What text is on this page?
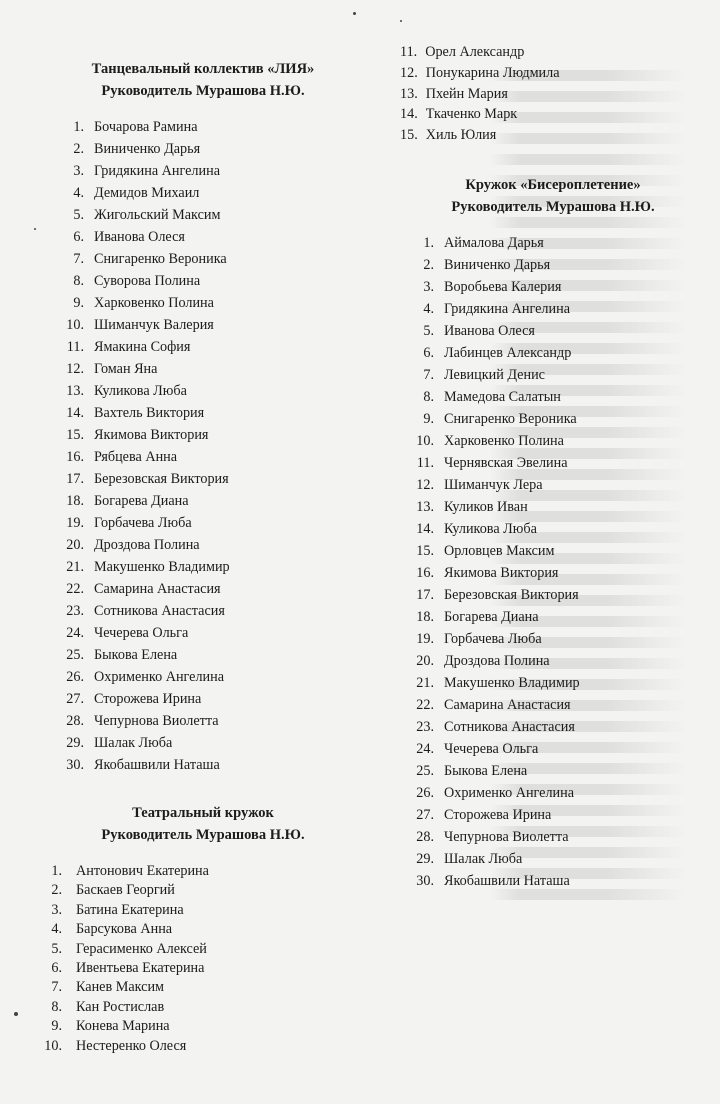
Танцевальный коллектив «ЛИЯ»
Руководитель Мурашова Н.Ю.
1. Бочарова Рамина
2. Виниченко Дарья
3. Гридякина Ангелина
4. Демидов Михаил
5. Жигольский Максим
6. Иванова Олеся
7. Снигаренко Вероника
8. Суворова Полина
9. Харковенко Полина
10. Шиманчук Валерия
11. Ямакина София
12. Гоман Яна
13. Куликова Люба
14. Вахтель Виктория
15. Якимова Виктория
16. Рябцева Анна
17. Березовская Виктория
18. Богарева Диана
19. Горбачева Люба
20. Дроздова Полина
21. Макушенко Владимир
22. Самарина Анастасия
23. Сотникова Анастасия
24. Чечерева Ольга
25. Быкова Елена
26. Охрименко Ангелина
27. Сторожева Ирина
28. Чепурнова Виолетта
29. Шалак Люба
30. Якобашвили Наташа
Театральный кружок
Руководитель Мурашова Н.Ю.
1. Антонович Екатерина
2. Баскаев Георгий
3. Батина Екатерина
4. Барсукова Анна
5. Герасименко Алексей
6. Ивентьева Екатерина
7. Канев Максим
8. Кан Ростислав
9. Конева Марина
10. Нестеренко Олеся
11. Орел Александр
12. Понукарина Людмила
13. Пхейн Мария
14. Ткаченко Марк
15. Хиль Юлия
Кружок «Бисероплетение»
Руководитель Мурашова Н.Ю.
1. Аймалова Дарья
2. Виниченко Дарья
3. Воробьева Калерия
4. Гридякина Ангелина
5. Иванова Олеся
6. Лабинцев Александр
7. Левицкий Денис
8. Мамедова Салатын
9. Снигаренко Вероника
10. Харковенко Полина
11. Чернявская Эвелина
12. Шиманчук Лера
13. Куликов Иван
14. Куликова Люба
15. Орловцев Максим
16. Якимова Виктория
17. Березовская Виктория
18. Богарева Диана
19. Горбачева Люба
20. Дроздова Полина
21. Макушенко Владимир
22. Самарина Анастасия
23. Сотникова Анастасия
24. Чечерева Ольга
25. Быкова Елена
26. Охрименко Ангелина
27. Сторожева Ирина
28. Чепурнова Виолетта
29. Шалак Люба
30. Якобашвили Наташа
